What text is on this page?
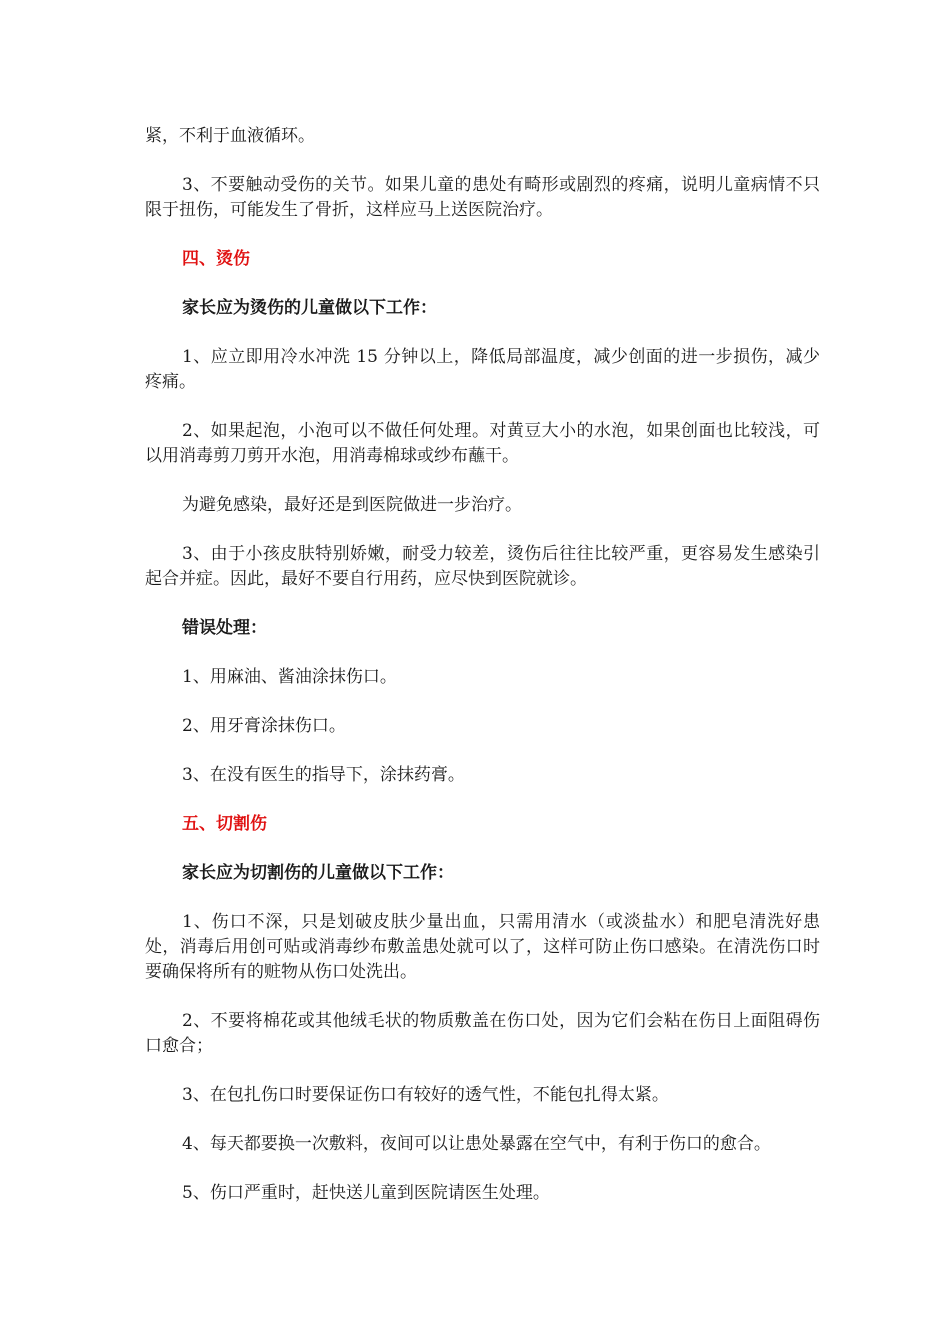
紧，不利于血液循环。

3、不要触动受伤的关节。如果儿童的患处有畸形或剧烈的疼痛，说明儿童病情不只限于扭伤，可能发生了骨折，这样应马上送医院治疗。

四、烫伤

家长应为烫伤的儿童做以下工作：

1、应立即用冷水冲洗 15 分钟以上，降低局部温度，减少创面的进一步损伤，减少疼痛。

2、如果起泡，小泡可以不做任何处理。对黄豆大小的水泡，如果创面也比较浅，可以用消毒剪刀剪开水泡，用消毒棉球或纱布蘸干。

为避免感染，最好还是到医院做进一步治疗。

3、由于小孩皮肤特别娇嫩，耐受力较差，烫伤后往往比较严重，更容易发生感染引起合并症。因此，最好不要自行用药，应尽快到医院就诊。

错误处理：

1、用麻油、酱油涂抹伤口。

2、用牙膏涂抹伤口。

3、在没有医生的指导下，涂抹药膏。

五、切割伤

家长应为切割伤的儿童做以下工作：

1、伤口不深，只是划破皮肤少量出血，只需用清水（或淡盐水）和肥皂清洗好患处，消毒后用创可贴或消毒纱布敷盖患处就可以了，这样可防止伤口感染。在清洗伤口时要确保将所有的赃物从伤口处洗出。

2、不要将棉花或其他绒毛状的物质敷盖在伤口处，因为它们会粘在伤日上面阻碍伤口愈合；

3、在包扎伤口时要保证伤口有较好的透气性，不能包扎得太紧。

4、每天都要换一次敷料，夜间可以让患处暴露在空气中，有利于伤口的愈合。

5、伤口严重时，赶快送儿童到医院请医生处理。
